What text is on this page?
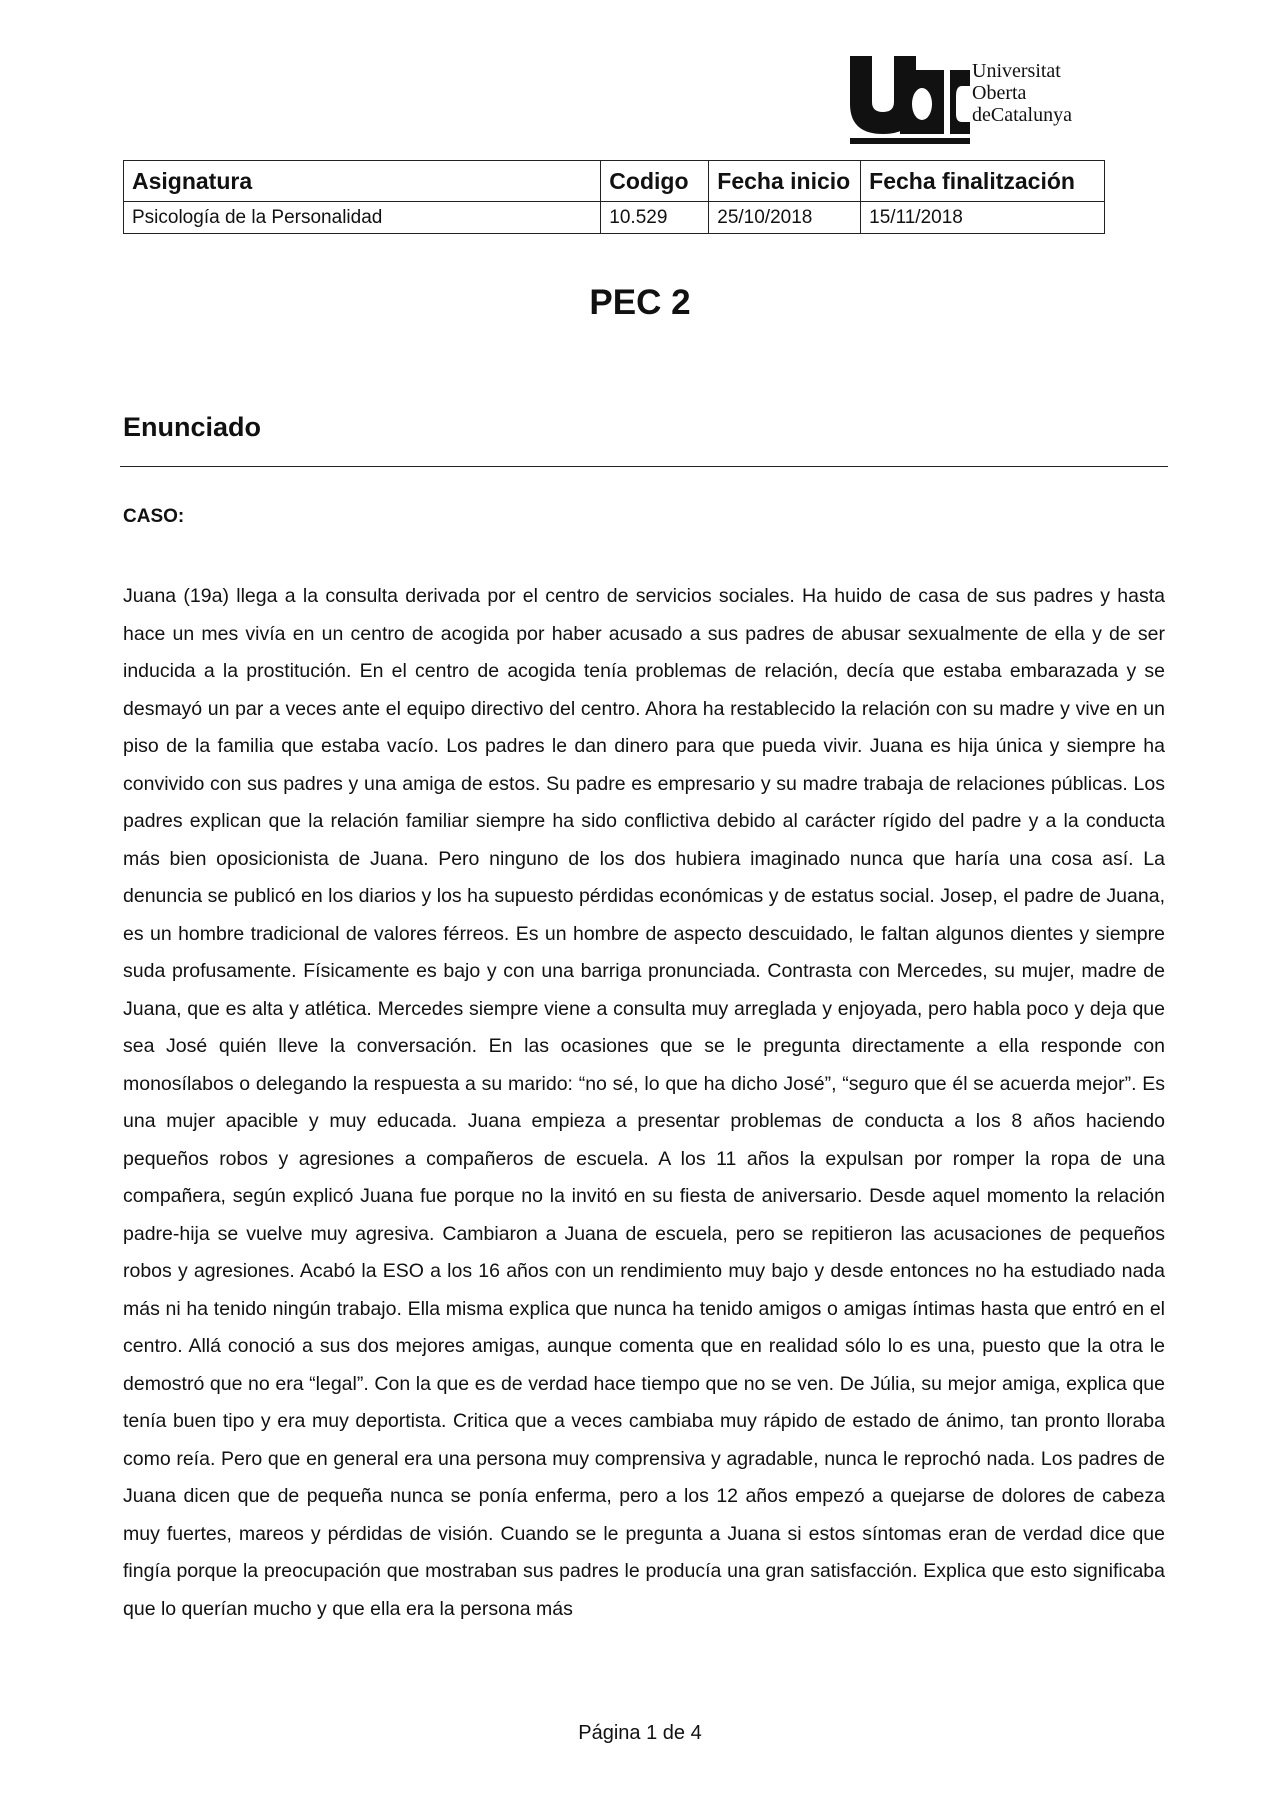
Universitat
Oberta
deCatalunya
Asignatura	Codigo	Fecha inicio	Fecha finalitzación
Psicología de la Personalidad	10.529	25/10/2018	15/11/2018
PEC 2
Enunciado
CASO:

Juana (19a) llega a la consulta derivada por el centro de servicios sociales. Ha huido de casa de sus padres y hasta hace un mes vivía en un centro de acogida por haber acusado a sus padres de abusar sexualmente de ella y de ser inducida a la prostitución. En el centro de acogida tenía problemas de relación, decía que estaba embarazada y se desmayó un par a veces ante el equipo directivo del centro. Ahora ha restablecido la relación con su madre y vive en un piso de la familia que estaba vacío. Los padres le dan dinero para que pueda vivir. Juana es hija única y siempre ha convivido con sus padres y una amiga de estos. Su padre es empresario y su madre trabaja de relaciones públicas. Los padres explican que la relación familiar siempre ha sido conflictiva debido al carácter rígido del padre y a la conducta más bien oposicionista de Juana. Pero ninguno de los dos hubiera imaginado nunca que haría una cosa así. La denuncia se publicó en los diarios y los ha supuesto pérdidas económicas y de estatus social. Josep, el padre de Juana, es un hombre tradicional de valores férreos. Es un hombre de aspecto descuidado, le faltan algunos dientes y siempre suda profusamente. Físicamente es bajo y con una barriga pronunciada. Contrasta con Mercedes, su mujer, madre de Juana, que es alta y atlética. Mercedes siempre viene a consulta muy arreglada y enjoyada, pero habla poco y deja que sea José quién lleve la conversación. En las ocasiones que se le pregunta directamente a ella responde con monosílabos o delegando la respuesta a su marido: “no sé, lo que ha dicho José”, “seguro que él se acuerda mejor”. Es una mujer apacible y muy educada. Juana empieza a presentar problemas de conducta a los 8 años haciendo pequeños robos y agresiones a compañeros de escuela. A los 11 años la expulsan por romper la ropa de una compañera, según explicó Juana fue porque no la invitó en su fiesta de aniversario. Desde aquel momento la relación padre-hija se vuelve muy agresiva. Cambiaron a Juana de escuela, pero se repitieron las acusaciones de pequeños robos y agresiones. Acabó la ESO a los 16 años con un rendimiento muy bajo y desde entonces no ha estudiado nada más ni ha tenido ningún trabajo. Ella misma explica que nunca ha tenido amigos o amigas íntimas hasta que entró en el centro. Allá conoció a sus dos mejores amigas, aunque comenta que en realidad sólo lo es una, puesto que la otra le demostró que no era “legal”. Con la que es de verdad hace tiempo que no se ven. De Júlia, su mejor amiga, explica que tenía buen tipo y era muy deportista. Critica que a veces cambiaba muy rápido de estado de ánimo, tan pronto lloraba como reía. Pero que en general era una persona muy comprensiva y agradable, nunca le reprochó nada. Los padres de Juana dicen que de pequeña nunca se ponía enferma, pero a los 12 años empezó a quejarse de dolores de cabeza muy fuertes, mareos y pérdidas de visión. Cuando se le pregunta a Juana si estos síntomas eran de verdad dice que fingía porque la preocupación que mostraban sus padres le producía una gran satisfacción. Explica que esto significaba que lo querían mucho y que ella era la persona más

Página 1 de 4
